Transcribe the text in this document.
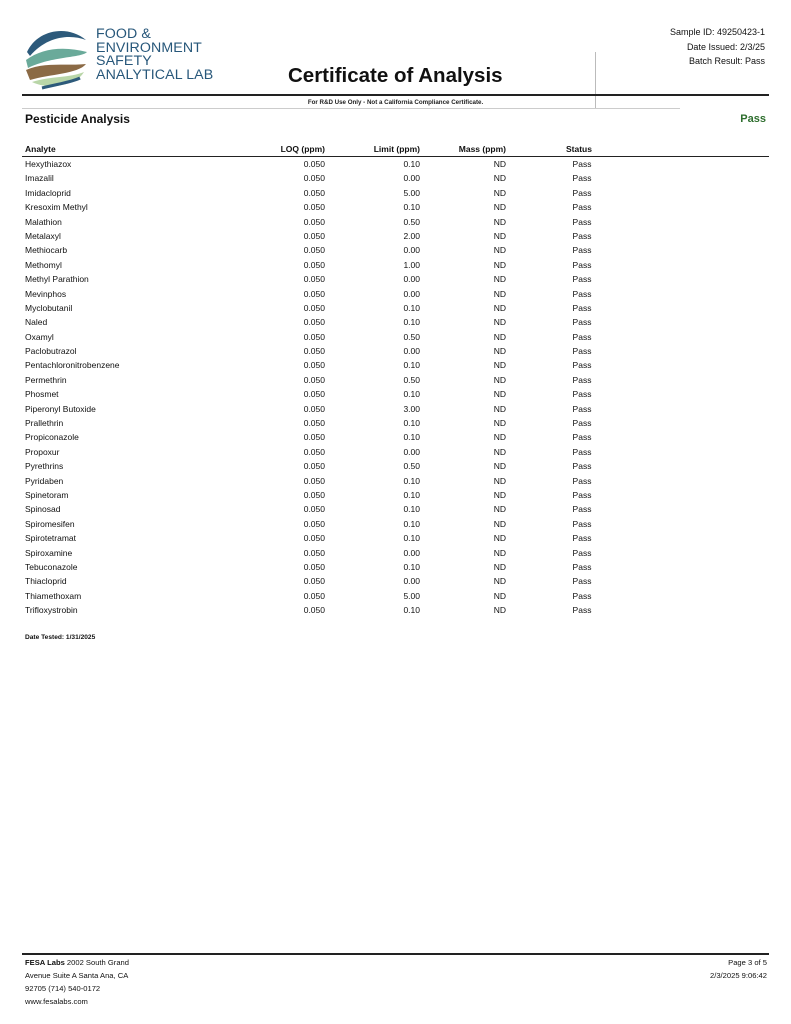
FOOD &
ENVIRONMENT
SAFETY
ANALYTICAL LAB	Certificate of Analysis
Sample ID: 49250423-1
Date Issued: 2/3/25
Batch Result: Pass
For R&D Use Only - Not a California Compliance Certificate.
Pesticide Analysis	Pass
Analyte	LOQ (ppm)	Limit (ppm)	Mass (ppm)	Status
Hexythiazox	0.050	0.10	ND	Pass
Imazalil	0.050	0.00	ND	Pass
Imidacloprid	0.050	5.00	ND	Pass
Kresoxim Methyl	0.050	0.10	ND	Pass
Malathion	0.050	0.50	ND	Pass
Metalaxyl	0.050	2.00	ND	Pass
Methiocarb	0.050	0.00	ND	Pass
Methomyl	0.050	1.00	ND	Pass
Methyl Parathion	0.050	0.00	ND	Pass
Mevinphos	0.050	0.00	ND	Pass
Myclobutanil	0.050	0.10	ND	Pass
Naled	0.050	0.10	ND	Pass
Oxamyl	0.050	0.50	ND	Pass
Paclobutrazol	0.050	0.00	ND	Pass
Pentachloronitrobenzene	0.050	0.10	ND	Pass
Permethrin	0.050	0.50	ND	Pass
Phosmet	0.050	0.10	ND	Pass
Piperonyl Butoxide	0.050	3.00	ND	Pass
Prallethrin	0.050	0.10	ND	Pass
Propiconazole	0.050	0.10	ND	Pass
Propoxur	0.050	0.00	ND	Pass
Pyrethrins	0.050	0.50	ND	Pass
Pyridaben	0.050	0.10	ND	Pass
Spinetoram	0.050	0.10	ND	Pass
Spinosad	0.050	0.10	ND	Pass
Spiromesifen	0.050	0.10	ND	Pass
Spirotetramat	0.050	0.10	ND	Pass
Spiroxamine	0.050	0.00	ND	Pass
Tebuconazole	0.050	0.10	ND	Pass
Thiacloprid	0.050	0.00	ND	Pass
Thiamethoxam	0.050	5.00	ND	Pass
Trifloxystrobin	0.050	0.10	ND	Pass
Date Tested: 1/31/2025
FESA Labs 2002 South Grand
Avenue Suite A Santa Ana, CA
92705 (714) 540-0172
www.fesalabs.com
Page 3 of 5
2/3/2025 9:06:42
